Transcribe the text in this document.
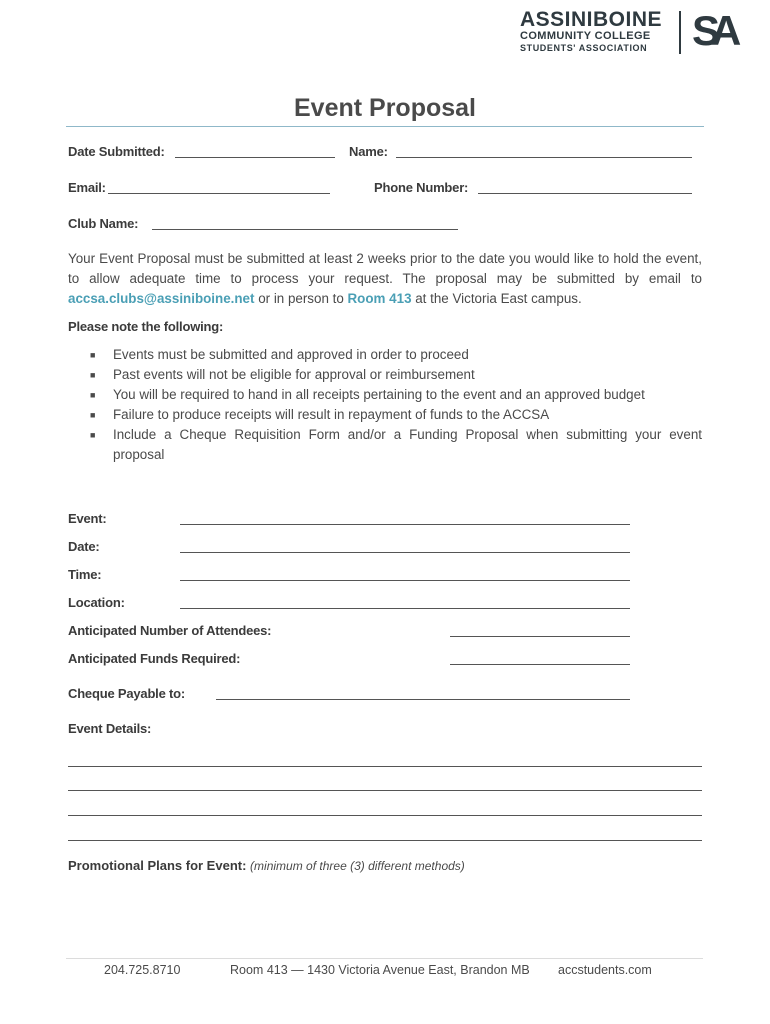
ASSINIBOINE
COMMUNITY COLLEGE
STUDENTS' ASSOCIATION SA
Event Proposal
Date Submitted:	Name:
Email:	Phone Number:
Club Name:
Your Event Proposal must be submitted at least 2 weeks prior to the date you would like to hold the event, to allow adequate time to process your request. The proposal may be submitted by email to accsa.clubs@assiniboine.net or in person to Room 413 at the Victoria East campus.
Please note the following:
■ Events must be submitted and approved in order to proceed
■ Past events will not be eligible for approval or reimbursement
■ You will be required to hand in all receipts pertaining to the event and an approved budget
■ Failure to produce receipts will result in repayment of funds to the ACCSA
■ Include a Cheque Requisition Form and/or a Funding Proposal when submitting your event proposal
Event:
Date:
Time:
Location:
Anticipated Number of Attendees:
Anticipated Funds Required:
Cheque Payable to:
Event Details:
Promotional Plans for Event: (minimum of three (3) different methods)
204.725.8710	Room 413 — 1430 Victoria Avenue East, Brandon MB accstudents.com
